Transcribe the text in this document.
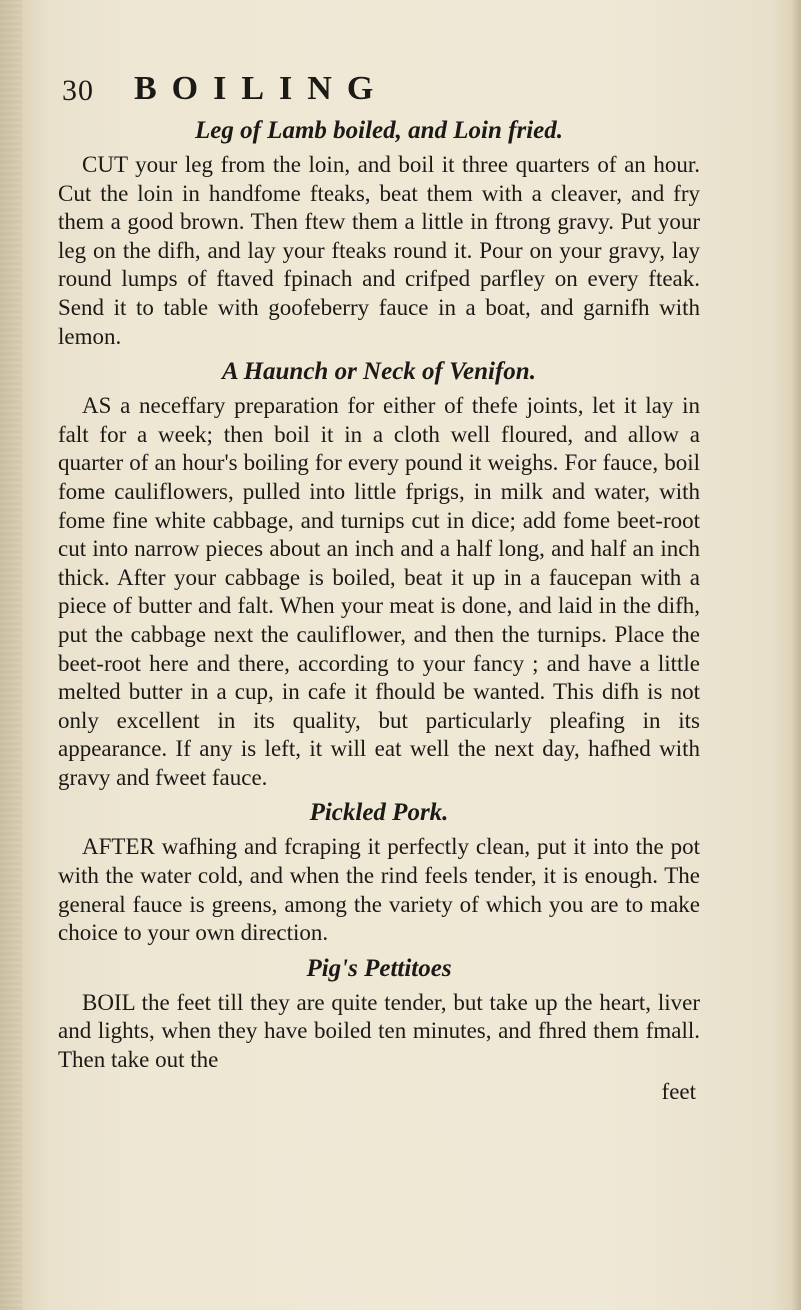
30 BOILING
Leg of Lamb boiled, and Loin fried.

CUT your leg from the loin, and boil it three quarters of an hour. Cut the loin in handfome fteaks, beat them with a cleaver, and fry them a good brown. Then ftew them a little in ftrong gravy. Put your leg on the difh, and lay your fteaks round it. Pour on your gravy, lay round lumps of ftaved fpinach and crifped parfley on every fteak. Send it to table with goofeberry fauce in a boat, and garnifh with lemon.

A Haunch or Neck of Venifon.

AS a neceffary preparation for either of thefe joints, let it lay in falt for a week; then boil it in a cloth well floured, and allow a quarter of an hour's boiling for every pound it weighs. For fauce, boil fome cauliflowers, pulled into little fprigs, in milk and water, with fome fine white cabbage, and turnips cut in dice; add fome beet-root cut into narrow pieces about an inch and a half long, and half an inch thick. After your cabbage is boiled, beat it up in a faucepan with a piece of butter and falt. When your meat is done, and laid in the difh, put the cabbage next the cauliflower, and then the turnips. Place the beet-root here and there, according to your fancy ; and have a little melted butter in a cup, in cafe it fhould be wanted. This difh is not only excellent in its quality, but particularly pleafing in its appearance. If any is left, it will eat well the next day, hafhed with gravy and fweet fauce.

Pickled Pork.

AFTER wafhing and fcraping it perfectly clean, put it into the pot with the water cold, and when the rind feels tender, it is enough. The general fauce is greens, among the variety of which you are to make choice to your own direction.

Pig's Pettitoes

BOIL the feet till they are quite tender, but take up the heart, liver and lights, when they have boiled ten minutes, and fhred them fmall. Then take out the

feet
